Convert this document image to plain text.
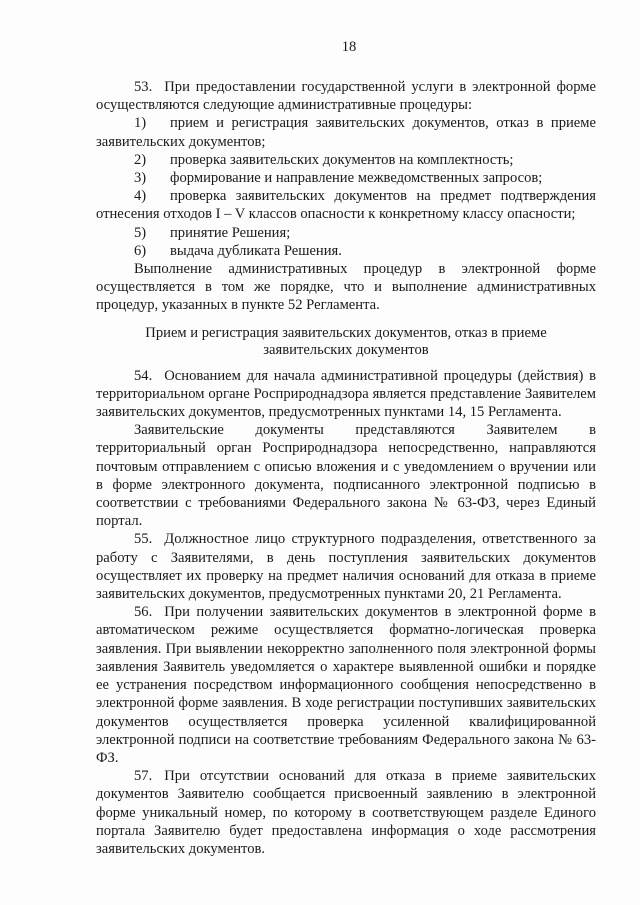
18

53. При предоставлении государственной услуги в электронной форме осуществляются следующие административные процедуры:

1) прием и регистрация заявительских документов, отказ в приеме заявительских документов;

2) проверка заявительских документов на комплектность;

3) формирование и направление межведомственных запросов;

4) проверка заявительских документов на предмет подтверждения отнесения отходов I – V классов опасности к конкретному классу опасности;

5) принятие Решения;

6) выдача дубликата Решения.

Выполнение административных процедур в электронной форме осуществляется в том же порядке, что и выполнение административных процедур, указанных в пункте 52 Регламента.

Прием и регистрация заявительских документов, отказ в приеме заявительских документов

54. Основанием для начала административной процедуры (действия) в территориальном органе Росприроднадзора является представление Заявителем заявительских документов, предусмотренных пунктами 14, 15 Регламента.

Заявительские документы представляются Заявителем в территориальный орган Росприроднадзора непосредственно, направляются почтовым отправлением с описью вложения и с уведомлением о вручении или в форме электронного документа, подписанного электронной подписью в соответствии с требованиями Федерального закона № 63-ФЗ, через Единый портал.

55. Должностное лицо структурного подразделения, ответственного за работу с Заявителями, в день поступления заявительских документов осуществляет их проверку на предмет наличия оснований для отказа в приеме заявительских документов, предусмотренных пунктами 20, 21 Регламента.

56. При получении заявительских документов в электронной форме в автоматическом режиме осуществляется форматно-логическая проверка заявления. При выявлении некорректно заполненного поля электронной формы заявления Заявитель уведомляется о характере выявленной ошибки и порядке ее устранения посредством информационного сообщения непосредственно в электронной форме заявления. В ходе регистрации поступивших заявительских документов осуществляется проверка усиленной квалифицированной электронной подписи на соответствие требованиям Федерального закона № 63-ФЗ.

57. При отсутствии оснований для отказа в приеме заявительских документов Заявителю сообщается присвоенный заявлению в электронной форме уникальный номер, по которому в соответствующем разделе Единого портала Заявителю будет предоставлена информация о ходе рассмотрения заявительских документов.
